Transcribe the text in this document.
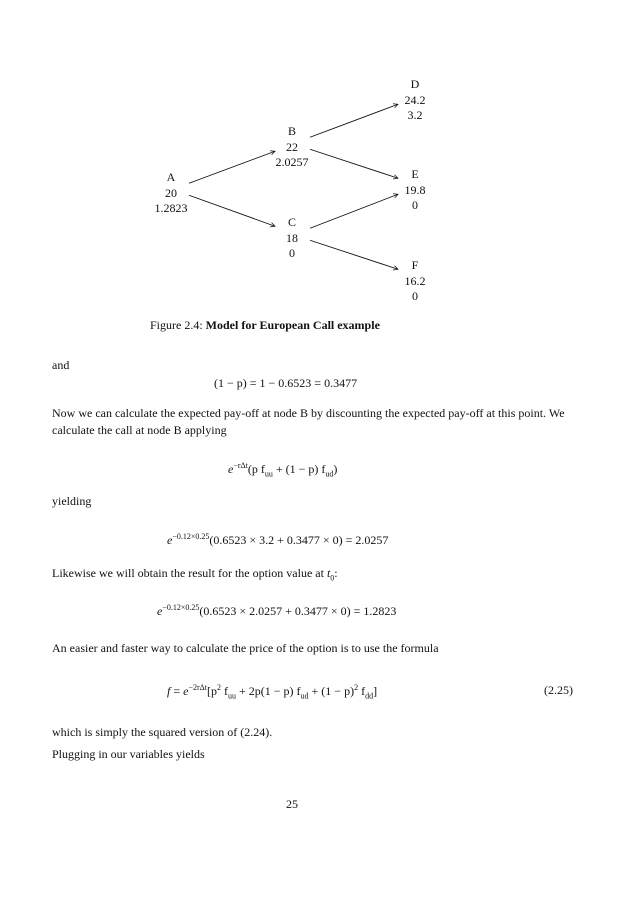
A
20
1.2823
B
22
2.0257
C
18
0
D
24.2
3.2
E
19.8
0
F
16.2
0
Figure 2.4: Model for European Call example
and
(1 − p) = 1 − 0.6523 = 0.3477
Now we can calculate the expected pay-off at node B by discounting the expected pay-off at this point. We calculate the call at node B applying
$e^{-r\Delta t}(p$ $f_{uu} + (1 - p)$ $f_{ud}$)
yielding
$e^{-0.12\times 0.25}(0.6523 \times 3.2 + 0.3477 \times 0) = 2.0257$
Likewise we will obtain the result for the option value at $t_0$:
$e^{-0.12\times 0.25}(0.6523 \times 2.0257 + 0.3477 \times 0) = 1.2823$
An easier and faster way to calculate the price of the option is to use the formula
$f = e^{-2r\Delta t}[p^2$ $f_{uu} + 2p(1 - p) f_{ud} + (1 - p)^2$ $f_{dd}$]	(2.25)
which is simply the squared version of (2.24).
Plugging in our variables yields
25
